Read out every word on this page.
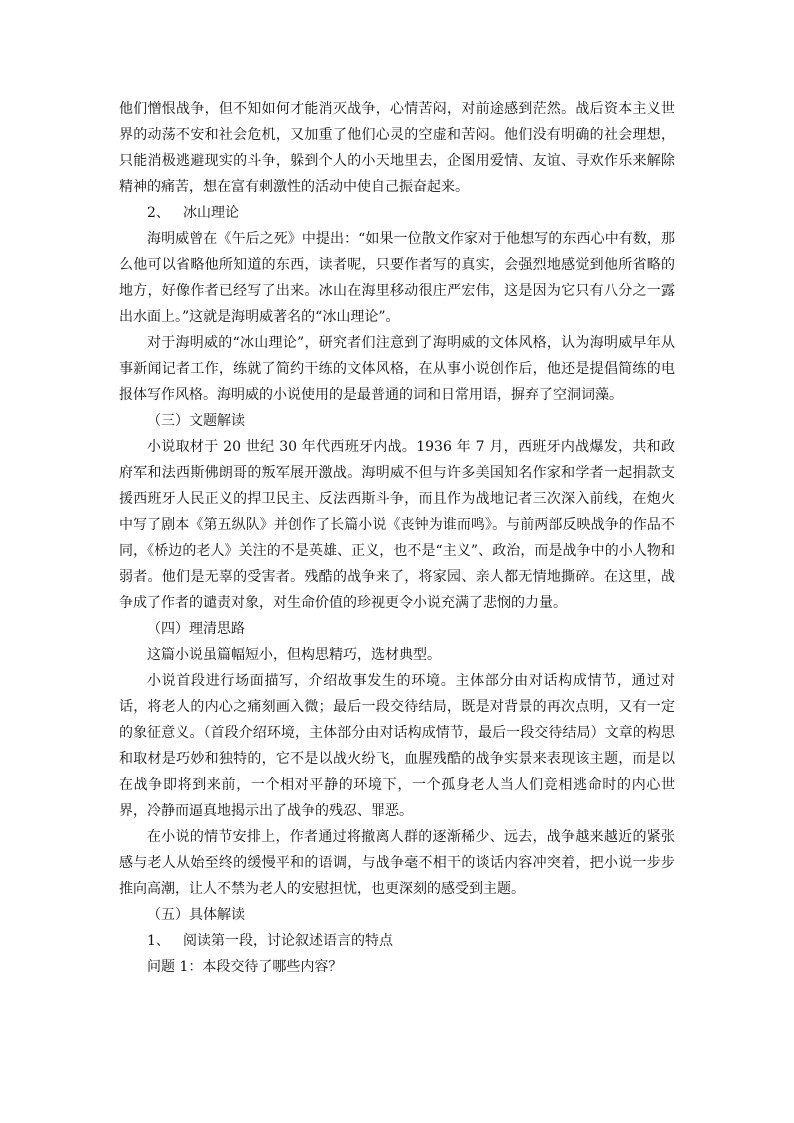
他们憎恨战争，但不知如何才能消灭战争，心情苦闷，对前途感到茫然。战后资本主义世界的动荡不安和社会危机，又加重了他们心灵的空虚和苦闷。他们没有明确的社会理想，只能消极逃避现实的斗争，躲到个人的小天地里去，企图用爱情、友谊、寻欢作乐来解除精神的痛苦，想在富有刺激性的活动中使自己振奋起来。

2、 冰山理论

海明威曾在《午后之死》中提出：“如果一位散文作家对于他想写的东西心中有数，那么他可以省略他所知道的东西，读者呢，只要作者写的真实，会强烈地感觉到他所省略的地方，好像作者已经写了出来。冰山在海里移动很庄严宏伟，这是因为它只有八分之一露出水面上。”这就是海明威著名的“冰山理论”。

对于海明威的“冰山理论”，研究者们注意到了海明威的文体风格，认为海明威早年从事新闻记者工作，练就了简约干练的文体风格，在从事小说创作后，他还是提倡简练的电报体写作风格。海明威的小说使用的是最普通的词和日常用语，摒弃了空洞词藻。

（三）文题解读

小说取材于 20 世纪 30 年代西班牙内战。1936 年 7 月，西班牙内战爆发，共和政府军和法西斯佛朗哥的叛军展开激战。海明威不但与许多美国知名作家和学者一起捐款支援西班牙人民正义的捍卫民主、反法西斯斗争，而且作为战地记者三次深入前线，在炮火中写了剧本《第五纵队》并创作了长篇小说《丧钟为谁而鸣》。与前两部反映战争的作品不同，《桥边的老人》关注的不是英雄、正义，也不是“主义”、政治，而是战争中的小人物和弱者。他们是无辜的受害者。残酷的战争来了，将家园、亲人都无情地撕碎。在这里，战争成了作者的谴责对象，对生命价值的珍视更令小说充满了悲悯的力量。

（四）理清思路

这篇小说虽篇幅短小，但构思精巧，选材典型。

小说首段进行场面描写，介绍故事发生的环境。主体部分由对话构成情节，通过对话，将老人的内心之痛刻画入微；最后一段交待结局，既是对背景的再次点明，又有一定的象征意义。（首段介绍环境，主体部分由对话构成情节，最后一段交待结局）文章的构思和取材是巧妙和独特的，它不是以战火纷飞，血腥残酷的战争实景来表现该主题，而是以在战争即将到来前，一个相对平静的环境下，一个孤身老人当人们竞相逃命时的内心世界，冷静而逼真地揭示出了战争的残忍、罪恶。

在小说的情节安排上，作者通过将撤离人群的逐渐稀少、远去，战争越来越近的紧张感与老人从始至终的缓慢平和的语调，与战争毫不相干的谈话内容冲突着，把小说一步步推向高潮，让人不禁为老人的安慰担忧，也更深刻的感受到主题。

（五）具体解读

1、 阅读第一段，讨论叙述语言的特点

问题 1：本段交待了哪些内容？
